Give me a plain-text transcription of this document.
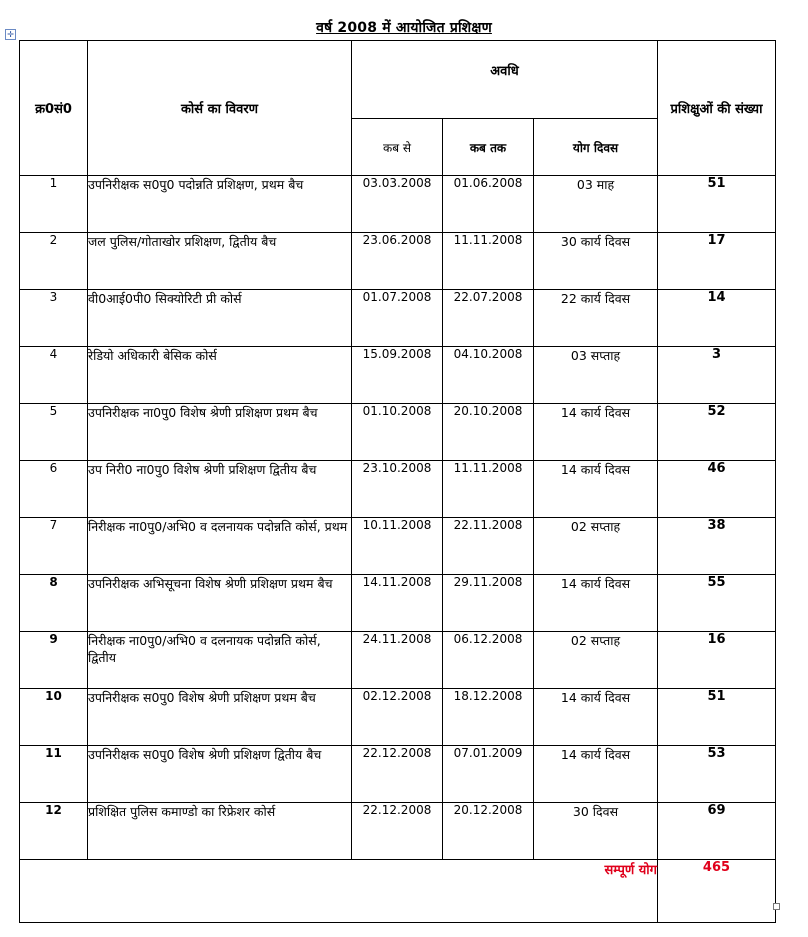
वर्ष 2008 में आयोजित प्रशिक्षण
✛
क्र0सं0	कोर्स का विवरण	अवधि			प्रशिक्षुओं की संख्या
		कब से	कब तक	योग दिवस	
1	उपनिरीक्षक स0पु0 पदोन्नति प्रशिक्षण, प्रथम बैच	03.03.2008	01.06.2008	03 माह	51
2	जल पुलिस/गोताखोर प्रशिक्षण, द्वितीय बैच	23.06.2008	11.11.2008	30 कार्य दिवस	17
3	वी0आई0पी0 सिक्योरिटी प्री कोर्स	01.07.2008	22.07.2008	22 कार्य दिवस	14
4	रेडियो अधिकारी बेसिक कोर्स	15.09.2008	04.10.2008	03 सप्ताह	3
5	उपनिरीक्षक ना0पु0 विशेष श्रेणी प्रशिक्षण प्रथम बैच	01.10.2008	20.10.2008	14 कार्य दिवस	52
6	उप निरी0 ना0पु0 विशेष श्रेणी प्रशिक्षण द्वितीय बैच	23.10.2008	11.11.2008	14 कार्य दिवस	46
7	निरीक्षक ना0पु0/अभि0 व दलनायक पदोन्नति कोर्स, प्रथम	10.11.2008	22.11.2008	02 सप्ताह	38
8	उपनिरीक्षक अभिसूचना विशेष श्रेणी प्रशिक्षण प्रथम बैच	14.11.2008	29.11.2008	14 कार्य दिवस	55
9	निरीक्षक ना0पु0/अभि0 व दलनायक पदोन्नति कोर्स, द्वितीय	24.11.2008	06.12.2008	02 सप्ताह	16
10	उपनिरीक्षक स0पु0 विशेष श्रेणी प्रशिक्षण प्रथम बैच	02.12.2008	18.12.2008	14 कार्य दिवस	51
11	उपनिरीक्षक स0पु0 विशेष श्रेणी प्रशिक्षण द्वितीय बैच	22.12.2008	07.01.2009	14 कार्य दिवस	53
12	प्रशिक्षित पुलिस कमाण्डो का रिफ्रेशर कोर्स	22.12.2008	20.12.2008	30 दिवस	69
सम्पूर्ण योग					465
